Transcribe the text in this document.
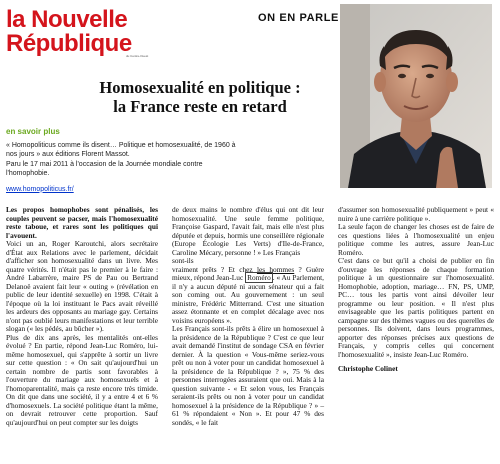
la Nouvelle
République
du Centre-Ouest
ON EN PARLE
Homosexualité en politique :
la France reste en retard
en savoir plus
« Homopoliticus comme ils disent… Politique et homosexualité, de 1960 à
nos jours » aux éditions Florent Massot.
Paru le 17 mai 2011 à l'occasion de la Journée mondiale contre
l'homophobie.
www.homopoliticus.fr/

Les propos homophobes sont pénalisés, les couples peuvent se pacser, mais l'homosexualité reste taboue, et rares sont les politiques qui l'avouent.

Voici un an, Roger Karoutchi, alors secrétaire d'État aux Relations avec le parlement, décidait d'afficher son homosexualité dans un livre. Mes quatre vérités. Il n'était pas le premier à le faire : André Labarrère, maire PS de Pau ou Bertrand Delanoë avaient fait leur « outing » (révélation en public de leur identité sexuelle) en 1998. C'était à l'époque où la loi instituant le Pacs avait réveillé les ardeurs des opposants au mariage gay. Certains n'ont pas oublié leurs manifestations et leur terrible slogan (« les pédés, au bûcher »).

Plus de dix ans après, les mentalités ont-elles évolué ? En partie, répond Jean-Luc Roméro, lui-même homosexuel, qui s'apprête à sortir un livre sur cette question : « On sait qu'aujourd'hui un certain nombre de partis sont favorables à l'ouverture du mariage aux homosexuels et à l'homoparentalité, mais ça reste encore très timide. On dit que dans une société, il y a entre 4 et 6 % d'homosexuels. La société politique étant la même, on devrait retrouver cette proportion. Sauf qu'aujourd'hui on peut compter sur les doigts

de deux mains le nombre d'élus qui ont dit leur homosexualité. Une seule femme politique, Françoise Gaspard, l'avait fait, mais elle n'est plus députée et depuis, hormis une conseillère régionale (Europe Écologie Les Verts) d'Ile-de-France, Caroline Mécary, personne ! » Les Français

sont-ils

vraiment prêts ? Et chez les hommes ? Guère mieux, répond Jean-Luc Roméro . « Au Parlement, il n'y a aucun député ni aucun sénateur qui a fait son coming out. Au gouvernement : un seul ministre, Frédéric Mitterrand. C'est une situation assez étonnante et en complet décalage avec nos voisins européens ».

Les Français sont-ils prêts à élire un homosexuel à la présidence de la République ? C'est ce que leur avait demandé l'institut de sondage CSA en février dernier. À la question « Vous-même seriez-vous prêt ou non à voter pour un candidat homosexuel à la présidence de la République ? », 75 % des personnes interrogées assuraient que oui. Mais à la question suivante - « Et selon vous, les Français seraient-ils prêts ou non à voter pour un candidat homosexuel à la présidence de la République ? » – 61 % répondaient « Non ». Et pour 47 % des sondés, « le fait

d'assumer son homosexualité publiquement » peut « nuire à une carrière politique ».

La seule façon de changer les choses est de faire de ces questions liées à l'homosexualité un enjeu politique comme les autres, assure Jean-Luc Roméro.

C'est dans ce but qu'il a choisi de publier en fin d'ouvrage les réponses de chaque formation politique à un questionnaire sur l'homosexualité. Homophobie, adoption, mariage… FN, PS, UMP, PC… tous les partis vont ainsi dévoiler leur programme ou leur position. « Il n'est plus envisageable que les partis politiques partent en campagne sur des thèmes vagues ou des querelles de personnes. Ils doivent, dans leurs programmes, apporter des réponses précises aux questions de Français, y compris celles qui concernent l'homosexualité », insiste Jean-Luc Roméro.

Christophe Colinet
